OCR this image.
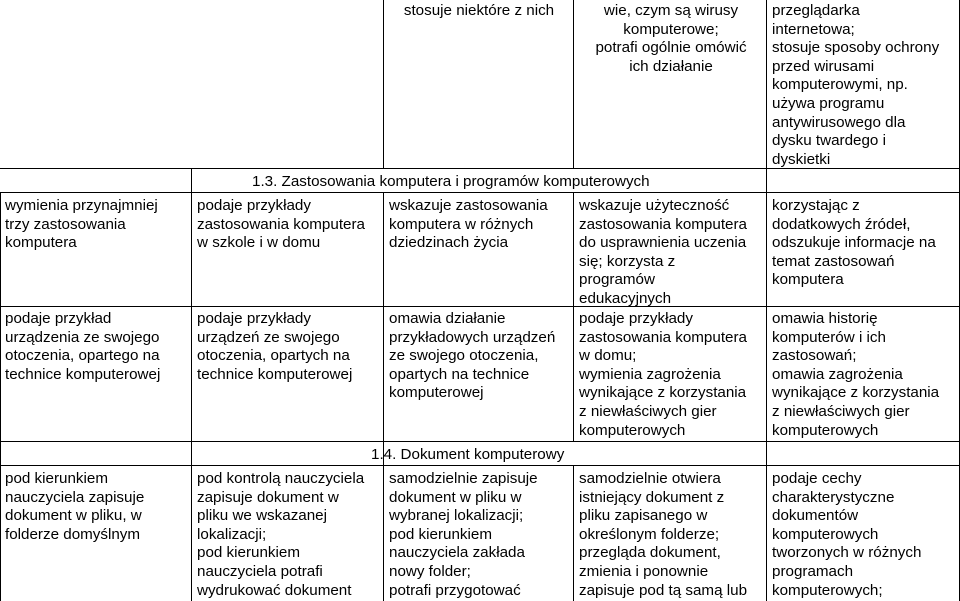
stosuje niektóre z nich	wie, czym są wirusy
komputerowe;
potrafi ogólnie omówić
ich działanie
przeglądarka
internetowa;
stosuje sposoby ochrony
przed wirusami
komputerowymi, np.
używa programu
antywirusowego dla
dysku twardego i
dyskietki
1.3. Zastosowania komputera i programów komputerowych
wymienia przynajmniej
trzy zastosowania
komputera
podaje przykłady
zastosowania komputera
w szkole i w domu
wskazuje zastosowania
komputera w różnych
dziedzinach życia
wskazuje użyteczność
zastosowania komputera
do usprawnienia uczenia
się; korzysta z
programów
edukacyjnych
korzystając z
dodatkowych źródeł,
odszukuje informacje na
temat zastosowań
komputera
podaje przykład
urządzenia ze swojego
otoczenia, opartego na
technice komputerowej
podaje przykłady
urządzeń ze swojego
otoczenia, opartych na
technice komputerowej
omawia działanie
przykładowych urządzeń
ze swojego otoczenia,
opartych na technice
komputerowej
podaje przykłady
zastosowania komputera
w domu;
wymienia zagrożenia
wynikające z korzystania
z niewłaściwych gier
komputerowych
omawia historię
komputerów i ich
zastosowań;
omawia zagrożenia
wynikające z korzystania
z niewłaściwych gier
komputerowych
1.4. Dokument komputerowy
pod kierunkiem
nauczyciela zapisuje
dokument w pliku, w
folderze domyślnym
pod kontrolą nauczyciela
zapisuje dokument w
pliku we wskazanej
lokalizacji;
pod kierunkiem
nauczyciela potrafi
wydrukować dokument
samodzielnie zapisuje
dokument w pliku w
wybranej lokalizacji;
pod kierunkiem
nauczyciela zakłada
nowy folder;
potrafi przygotować
samodzielnie otwiera
istniejący dokument z
pliku zapisanego w
określonym folderze;
przegląda dokument,
zmienia i ponownie
zapisuje pod tą samą lub
podaje cechy
charakterystyczne
dokumentów
komputerowych
tworzonych w różnych
programach
komputerowych;
